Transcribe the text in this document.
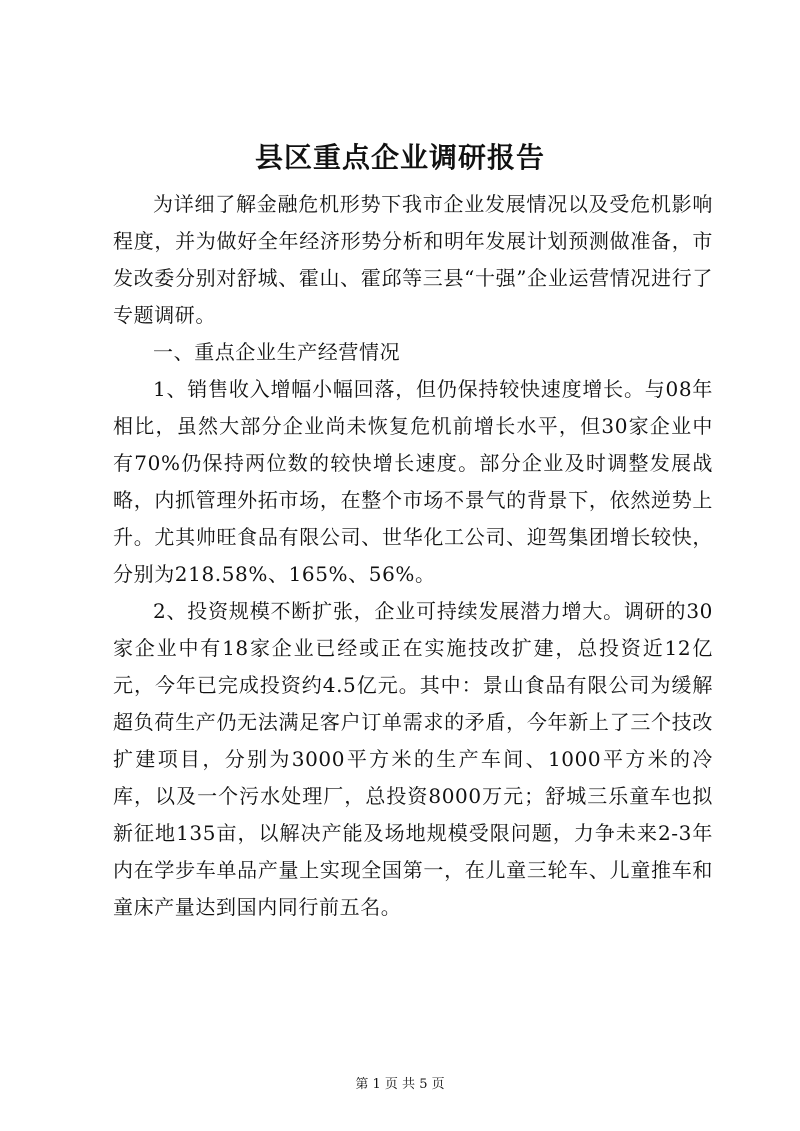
县区重点企业调研报告

为详细了解金融危机形势下我市企业发展情况以及受危机影响程度，并为做好全年经济形势分析和明年发展计划预测做准备，市发改委分别对舒城、霍山、霍邱等三县“十强”企业运营情况进行了专题调研。

一、重点企业生产经营情况

1、销售收入增幅小幅回落，但仍保持较快速度增长。与08年相比，虽然大部分企业尚未恢复危机前增长水平，但30家企业中有70%仍保持两位数的较快增长速度。部分企业及时调整发展战略，内抓管理外拓市场，在整个市场不景气的背景下，依然逆势上升。尤其帅旺食品有限公司、世华化工公司、迎驾集团增长较快，分别为218.58%、165%、56%。

2、投资规模不断扩张，企业可持续发展潜力增大。调研的30家企业中有18家企业已经或正在实施技改扩建，总投资近12亿元，今年已完成投资约4.5亿元。其中：景山食品有限公司为缓解超负荷生产仍无法满足客户订单需求的矛盾，今年新上了三个技改扩建项目，分别为3000平方米的生产车间、1000平方米的冷库，以及一个污水处理厂，总投资8000万元；舒城三乐童车也拟新征地135亩，以解决产能及场地规模受限问题，力争未来2-3年内在学步车单品产量上实现全国第一，在儿童三轮车、儿童推车和童床产量达到国内同行前五名。

第 1 页 共 5 页
